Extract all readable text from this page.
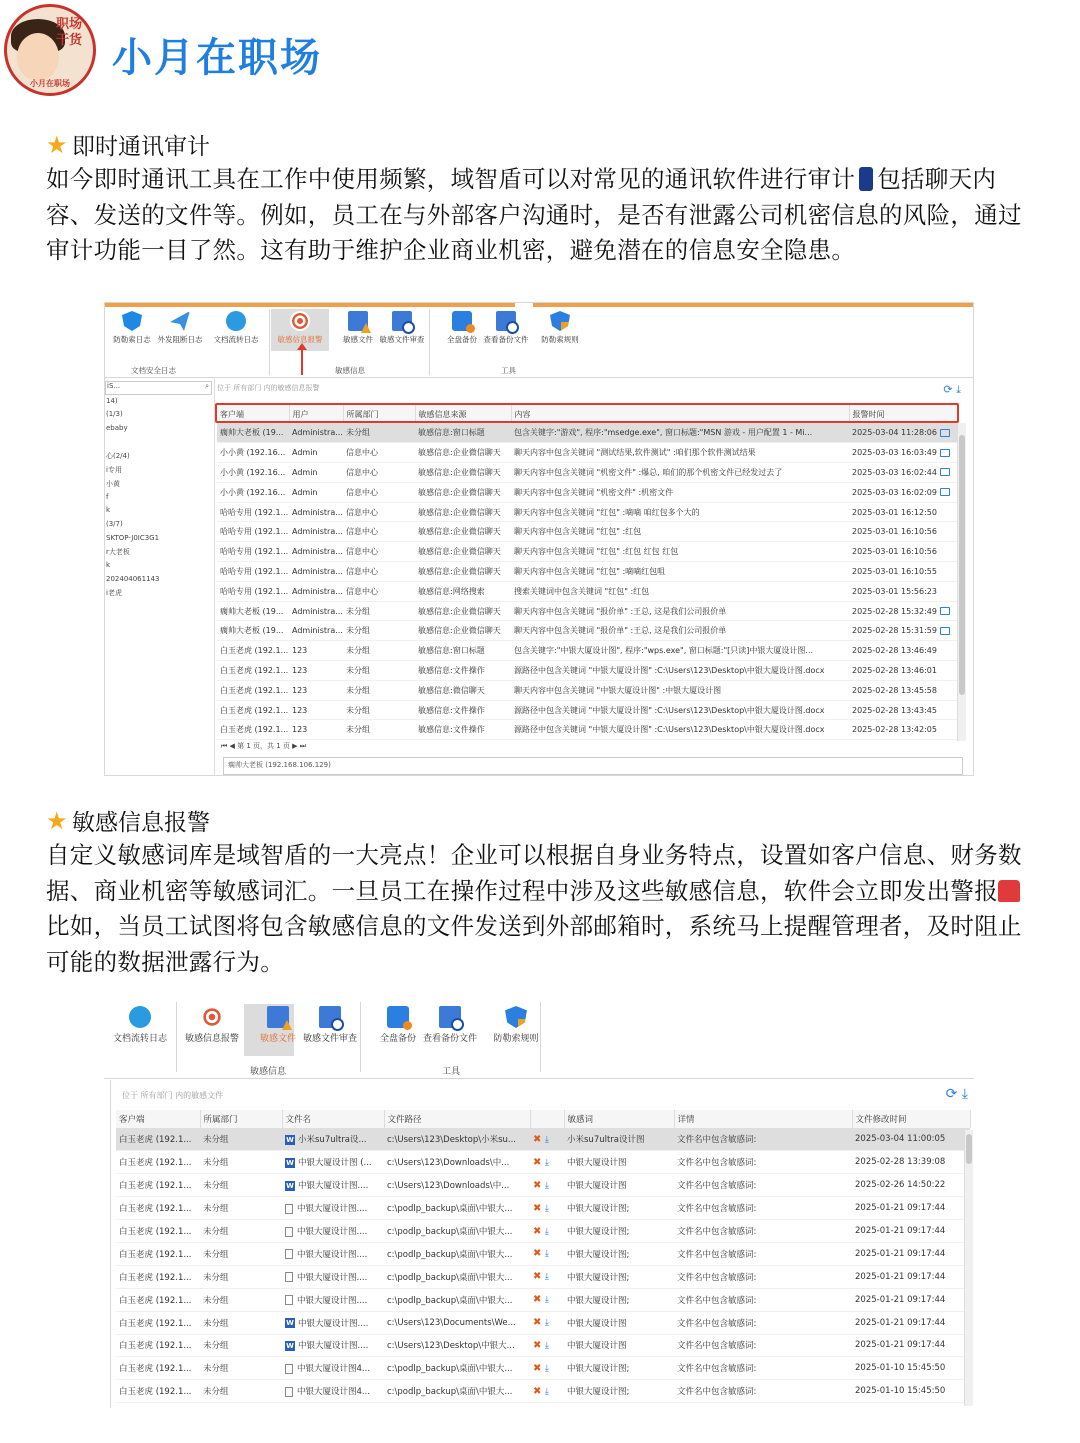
职场
干货
小月在职场
小月在职场
★ 即时通讯审计
如今即时通讯工具在工作中使用频繁，域智盾可以对常见的通讯软件进行审计 包括聊天内容、发送的文件等。例如，员工在与外部客户沟通时，是否有泄露公司机密信息的风险，通过审计功能一目了然。这有助于维护企业商业机密，避免潜在的信息安全隐患。
防勒索日志 外发阻断日志 文档流转日志	敏感信息报警	敏感文件 敏感文件审查	全盘备份 查看备份文件 防勒索规则
文档安全日志	敏感信息	工具
iS...	⌕
14)
(1/3)
ebaby
心(2/4)
i专用
小黄
f
k
(3/7)
SKTOP-J0IC3G1
r大老板
k
202404061143
i老虎
位于 所有部门 内的敏感信息报警	⟳ ⤓
客户端	用户	所属部门	敏感信息来源	内容	报警时间
瘸帅大老板 (19...	Administra...	未分组	敏感信息:窗口标题	包含关键字:"游戏", 程序:"msedge.exe", 窗口标题:"MSN 游戏 - 用户配置 1 - Mi...	2025-03-04 11:28:06
小小黄 (192.16...	Admin	信息中心	敏感信息:企业微信聊天	聊天内容中包含关键词 "测试结果,软件测试" :咱们那个软件测试结果	2025-03-03 16:03:49
小小黄 (192.16...	Admin	信息中心	敏感信息:企业微信聊天	聊天内容中包含关键词 "机密文件" :爆总, 咱们的那个机密文件已经发过去了	2025-03-03 16:02:44
小小黄 (192.16...	Admin	信息中心	敏感信息:企业微信聊天	聊天内容中包含关键词 "机密文件" :机密文件	2025-03-03 16:02:09
哈哈专用 (192.1...	Administra...	信息中心	敏感信息:企业微信聊天	聊天内容中包含关键词 "红包" :嘀嘀 咱红包多个大的	2025-03-01 16:12:50
哈哈专用 (192.1...	Administra...	信息中心	敏感信息:企业微信聊天	聊天内容中包含关键词 "红包" :红包	2025-03-01 16:10:56
哈哈专用 (192.1...	Administra...	信息中心	敏感信息:企业微信聊天	聊天内容中包含关键词 "红包" :红包 红包 红包	2025-03-01 16:10:56
哈哈专用 (192.1...	Administra...	信息中心	敏感信息:企业微信聊天	聊天内容中包含关键词 "红包" :嘀嘀红包咀	2025-03-01 16:10:55
哈哈专用 (192.1...	Administra...	信息中心	敏感信息:网络搜索	搜索关键词中包含关键词 "红包" :红包	2025-03-01 15:56:23
瘸帅大老板 (19...	Administra...	未分组	敏感信息:企业微信聊天	聊天内容中包含关键词 "报价单" :王总, 这是我们公司报价单	2025-02-28 15:32:49
瘸帅大老板 (19...	Administra...	未分组	敏感信息:企业微信聊天	聊天内容中包含关键词 "报价单" :王总, 这是我们公司报价单	2025-02-28 15:31:59
白玉老虎 (192.1...	123	未分组	敏感信息:窗口标题	包含关键字:"中银大厦设计图", 程序:"wps.exe", 窗口标题:"[只读]中银大厦设计图...	2025-02-28 13:46:49
白玉老虎 (192.1...	123	未分组	敏感信息:文件操作	源路径中包含关键词 "中银大厦设计图" :C:\Users\123\Desktop\中银大厦设计图.docx	2025-02-28 13:46:01
白玉老虎 (192.1...	123	未分组	敏感信息:微信聊天	聊天内容中包含关键词 "中银大厦设计图" :中银大厦设计图	2025-02-28 13:45:58
白玉老虎 (192.1...	123	未分组	敏感信息:文件操作	源路径中包含关键词 "中银大厦设计图" :C:\Users\123\Desktop\中银大厦设计图.docx	2025-02-28 13:43:45
白玉老虎 (192.1...	123	未分组	敏感信息:文件操作	源路径中包含关键词 "中银大厦设计图" :C:\Users\123\Desktop\中银大厦设计图.docx	2025-02-28 13:42:05
⏮ ◀ 第 1 页，共 1 页 ▶ ⏭
瘸帅大老板 (192.168.106.129)
★ 敏感信息报警
自定义敏感词库是域智盾的一大亮点！企业可以根据自身业务特点，设置如客户信息、财务数据、商业机密等敏感词汇。一旦员工在操作过程中涉及这些敏感信息，软件会立即发出警报比如，当员工试图将包含敏感信息的文件发送到外部邮箱时，系统马上提醒管理者，及时阻止可能的数据泄露行为。
文档流转日志 敏感信息报警 敏感文件 敏感文件审查	全盘备份 查看备份文件 防勒索规则
敏感信息	工具
位于 所有部门 内的敏感文件	⟳ ⤓
客户端	所属部门	文件名	文件路径		敏感词	详情	文件修改时间
白玉老虎 (192.1...	未分组	W 小米su7ultra设...	c:\Users\123\Desktop\小米su...	✖ ⤓	小米su7ultra设计图	文件名中包含敏感词:	2025-03-04 11:00:05
白玉老虎 (192.1...	未分组	W 中银大厦设计图 (...	c:\Users\123\Downloads\中...	✖ ⤓	中银大厦设计图	文件名中包含敏感词:	2025-02-28 13:39:08
白玉老虎 (192.1...	未分组	W 中银大厦设计图....	c:\Users\123\Downloads\中...	✖ ⤓	中银大厦设计图	文件名中包含敏感词:	2025-02-26 14:50:22
白玉老虎 (192.1...	未分组	中银大厦设计图....	c:\podlp_backup\桌面\中银大...	✖ ⤓	中银大厦设计图;	文件名中包含敏感词:	2025-01-21 09:17:44
白玉老虎 (192.1...	未分组	中银大厦设计图....	c:\podlp_backup\桌面\中银大...	✖ ⤓	中银大厦设计图;	文件名中包含敏感词:	2025-01-21 09:17:44
白玉老虎 (192.1...	未分组	中银大厦设计图....	c:\podlp_backup\桌面\中银大...	✖ ⤓	中银大厦设计图;	文件名中包含敏感词:	2025-01-21 09:17:44
白玉老虎 (192.1...	未分组	中银大厦设计图....	c:\podlp_backup\桌面\中银大...	✖ ⤓	中银大厦设计图;	文件名中包含敏感词:	2025-01-21 09:17:44
白玉老虎 (192.1...	未分组	中银大厦设计图....	c:\podlp_backup\桌面\中银大...	✖ ⤓	中银大厦设计图;	文件名中包含敏感词:	2025-01-21 09:17:44
白玉老虎 (192.1...	未分组	W 中银大厦设计图....	c:\Users\123\Documents\We...	✖ ⤓	中银大厦设计图	文件名中包含敏感词:	2025-01-21 09:17:44
白玉老虎 (192.1...	未分组	W 中银大厦设计图....	c:\Users\123\Desktop\中银大...	✖ ⤓	中银大厦设计图	文件名中包含敏感词:	2025-01-21 09:17:44
白玉老虎 (192.1...	未分组	中银大厦设计图4...	c:\podlp_backup\桌面\中银大...	✖ ⤓	中银大厦设计图;	文件名中包含敏感词:	2025-01-10 15:45:50
白玉老虎 (192.1...	未分组	中银大厦设计图4...	c:\podlp_backup\桌面\中银大...	✖ ⤓	中银大厦设计图;	文件名中包含敏感词:	2025-01-10 15:45:50
